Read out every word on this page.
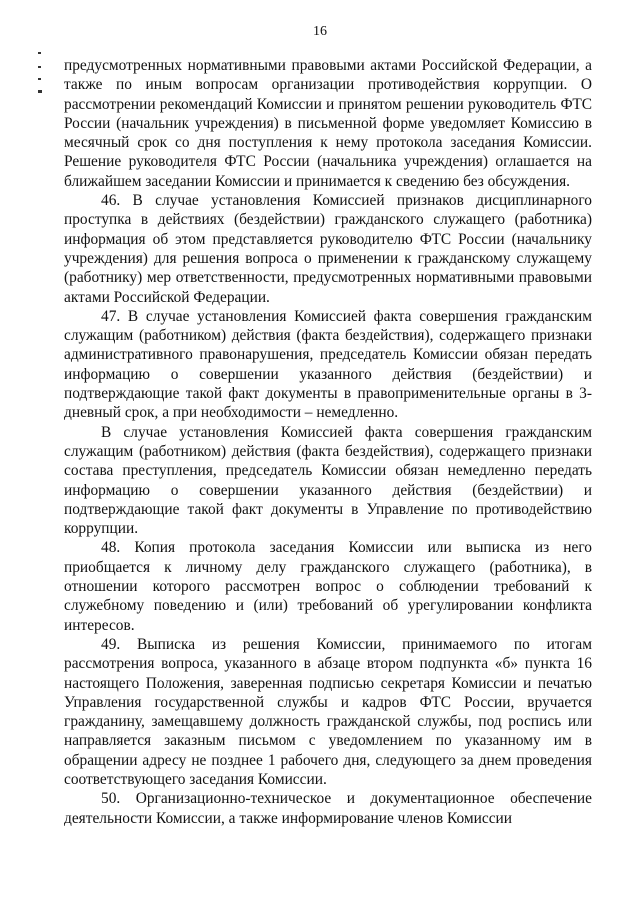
16

предусмотренных нормативными правовыми актами Российской Федерации, а также по иным вопросам организации противодействия коррупции. О рассмотрении рекомендаций Комиссии и принятом решении руководитель ФТС России (начальник учреждения) в письменной форме уведомляет Комиссию в месячный срок со дня поступления к нему протокола заседания Комиссии. Решение руководителя ФТС России (начальника учреждения) оглашается на ближайшем заседании Комиссии и принимается к сведению без обсуждения.

46. В случае установления Комиссией признаков дисциплинарного проступка в действиях (бездействии) гражданского служащего (работника) информация об этом представляется руководителю ФТС России (начальнику учреждения) для решения вопроса о применении к гражданскому служащему (работнику) мер ответственности, предусмотренных нормативными правовыми актами Российской Федерации.

47. В случае установления Комиссией факта совершения гражданским служащим (работником) действия (факта бездействия), содержащего признаки административного правонарушения, председатель Комиссии обязан передать информацию о совершении указанного действия (бездействии) и подтверждающие такой факт документы в правоприменительные органы в 3-дневный срок, а при необходимости – немедленно.

В случае установления Комиссией факта совершения гражданским служащим (работником) действия (факта бездействия), содержащего признаки состава преступления, председатель Комиссии обязан немедленно передать информацию о совершении указанного действия (бездействии) и подтверждающие такой факт документы в Управление по противодействию коррупции.

48. Копия протокола заседания Комиссии или выписка из него приобщается к личному делу гражданского служащего (работника), в отношении которого рассмотрен вопрос о соблюдении требований к служебному поведению и (или) требований об урегулировании конфликта интересов.

49. Выписка из решения Комиссии, принимаемого по итогам рассмотрения вопроса, указанного в абзаце втором подпункта «б» пункта 16 настоящего Положения, заверенная подписью секретаря Комиссии и печатью Управления государственной службы и кадров ФТС России, вручается гражданину, замещавшему должность гражданской службы, под роспись или направляется заказным письмом с уведомлением по указанному им в обращении адресу не позднее 1 рабочего дня, следующего за днем проведения соответствующего заседания Комиссии.

50. Организационно-техническое и документационное обеспечение деятельности Комиссии, а также информирование членов Комиссии
